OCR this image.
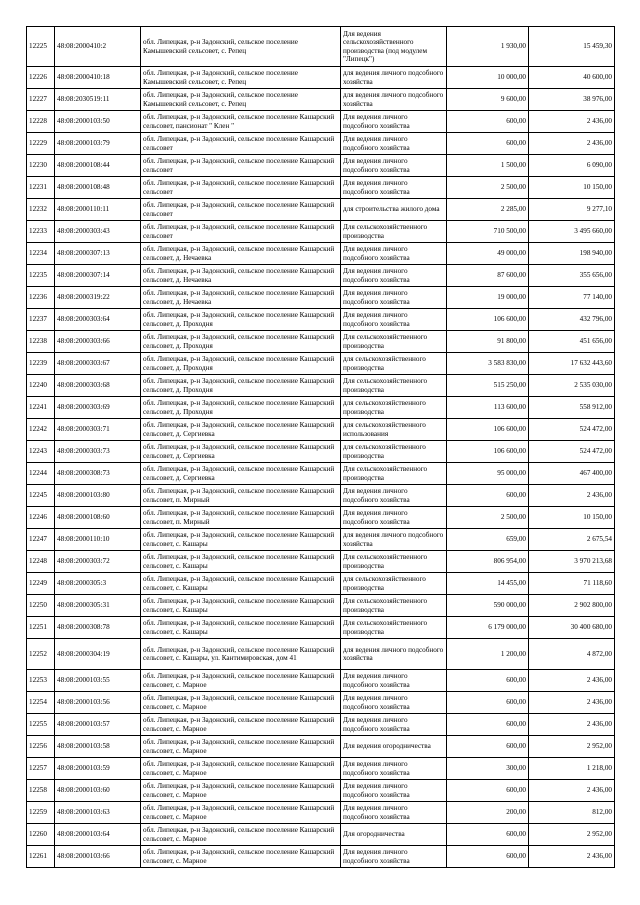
12225	48:08:2000410:2	обл. Липецкая, р-н Задонский, сельское поселение Камышевский сельсовет, с. Репец	Для ведения сельскохозяйственного производства (под модулем "Липецк")	1 930,00	15 459,30
12226	48:08:2000410:18	обл. Липецкая, р-н Задонский, сельское поселение Камышевский сельсовет, с. Репец	для ведения личного подсобного хозяйства	10 000,00	40 600,00
12227	48:08:2030519:11	обл. Липецкая, р-н Задонский, сельское поселение Камышевский сельсовет, с. Репец	для ведения личного подсобного хозяйства	9 600,00	38 976,00
12228	48:08:2000103:50	обл. Липецкая, р-н Задонский, сельское поселение Кашарский сельсовет, пансионат " Клен "	Для ведения личного подсобного хозяйства	600,00	2 436,00
12229	48:08:2000103:79	обл. Липецкая, р-н Задонский, сельское поселение Кашарский сельсовет	Для ведения личного подсобного хозяйства	600,00	2 436,00
12230	48:08:2000108:44	обл. Липецкая, р-н Задонский, сельское поселение Кашарский сельсовет	Для ведения личного подсобного хозяйства	1 500,00	6 090,00
12231	48:08:2000108:48	обл. Липецкая, р-н Задонский, сельское поселение Кашарский сельсовет	Для ведения личного подсобного хозяйства	2 500,00	10 150,00
12232	48:08:2000110:11	обл. Липецкая, р-н Задонский, сельское поселение Кашарский сельсовет	для строительства жилого дома	2 285,00	9 277,10
12233	48:08:2000303:43	обл. Липецкая, р-н Задонский, сельское поселение Кашарский сельсовет	Для сельскохозяйственного производства	710 500,00	3 495 660,00
12234	48:08:2000307:13	обл. Липецкая, р-н Задонский, сельское поселение Кашарский сельсовет, д. Нечаевка	Для ведения личного подсобного хозяйства	49 000,00	198 940,00
12235	48:08:2000307:14	обл. Липецкая, р-н Задонский, сельское поселение Кашарский сельсовет, д. Нечаевка	Для ведения личного подсобного хозяйства	87 600,00	355 656,00
12236	48:08:2000319:22	обл. Липецкая, р-н Задонский, сельское поселение Кашарский сельсовет, д. Нечаевка	Для ведения личного подсобного хозяйства	19 000,00	77 140,00
12237	48:08:2000303:64	обл. Липецкая, р-н Задонский, сельское поселение Кашарский сельсовет, д. Проходня	Для ведения личного подсобного хозяйства	106 600,00	432 796,00
12238	48:08:2000303:66	обл. Липецкая, р-н Задонский, сельское поселение Кашарский сельсовет, д. Проходня	Для сельскохозяйственного производства	91 800,00	451 656,00
12239	48:08:2000303:67	обл. Липецкая, р-н Задонский, сельское поселение Кашарский сельсовет, д. Проходня	для сельскохозяйственного производства	3 583 830,00	17 632 443,60
12240	48:08:2000303:68	обл. Липецкая, р-н Задонский, сельское поселение Кашарский сельсовет, д. Проходня	Для сельскохозяйственного производства	515 250,00	2 535 030,00
12241	48:08:2000303:69	обл. Липецкая, р-н Задонский, сельское поселение Кашарский сельсовет, д. Проходня	для сельскохозяйственного производства	113 600,00	558 912,00
12242	48:08:2000303:71	обл. Липецкая, р-н Задонский, сельское поселение Кашарский сельсовет, д. Сергиевка	для сельскохозяйственного использования	106 600,00	524 472,00
12243	48:08:2000303:73	обл. Липецкая, р-н Задонский, сельское поселение Кашарский сельсовет, д. Сергиевка	для сельскохозяйственного производства	106 600,00	524 472,00
12244	48:08:2000308:73	обл. Липецкая, р-н Задонский, сельское поселение Кашарский сельсовет, д. Сергиевка	Для сельскохозяйственного производства	95 000,00	467 400,00
12245	48:08:2000103:80	обл. Липецкая, р-н Задонский, сельское поселение Кашарский сельсовет, п. Мирный	Для ведения личного подсобного хозяйства	600,00	2 436,00
12246	48:08:2000108:60	обл. Липецкая, р-н Задонский, сельское поселение Кашарский сельсовет, п. Мирный	Для ведения личного подсобного хозяйства	2 500,00	10 150,00
12247	48:08:2000110:10	обл. Липецкая, р-н Задонский, сельское поселение Кашарский сельсовет, с. Кашары	для ведения личного подсобного хозяйства	659,00	2 675,54
12248	48:08:2000303:72	обл. Липецкая, р-н Задонский, сельское поселение Кашарский сельсовет, с. Кашары	Для сельскохозяйственного производства	806 954,00	3 970 213,68
12249	48:08:2000305:3	обл. Липецкая, р-н Задонский, сельское поселение Кашарский сельсовет, с. Кашары	для сельскохозяйственного производства	14 455,00	71 118,60
12250	48:08:2000305:31	обл. Липецкая, р-н Задонский, сельское поселение Кашарский сельсовет, с. Кашары	Для сельскохозяйственного производства	590 000,00	2 902 800,00
12251	48:08:2000308:78	обл. Липецкая, р-н Задонский, сельское поселение Кашарский сельсовет, с. Кашары	Для сельскохозяйственного производства	6 179 000,00	30 400 680,00
12252	48:08:2000304:19	обл. Липецкая, р-н Задонский, сельское поселение Кашарский сельсовет, с. Кашары, ул. Кантимировская, дом 41	для ведения личного подсобного хозяйства	1 200,00	4 872,00
12253	48:08:2000103:55	обл. Липецкая, р-н Задонский, сельское поселение Кашарский сельсовет, с. Марное	Для ведения личного подсобного хозяйства	600,00	2 436,00
12254	48:08:2000103:56	обл. Липецкая, р-н Задонский, сельское поселение Кашарский сельсовет, с. Марное	Для ведения личного подсобного хозяйства	600,00	2 436,00
12255	48:08:2000103:57	обл. Липецкая, р-н Задонский, сельское поселение Кашарский сельсовет, с. Марное	Для ведения личного подсобного хозяйства	600,00	2 436,00
12256	48:08:2000103:58	обл. Липецкая, р-н Задонский, сельское поселение Кашарский сельсовет, с. Марное	Для ведения огородничества	600,00	2 952,00
12257	48:08:2000103:59	обл. Липецкая, р-н Задонский, сельское поселение Кашарский сельсовет, с. Марное	Для ведения личного подсобного хозяйства	300,00	1 218,00
12258	48:08:2000103:60	обл. Липецкая, р-н Задонский, сельское поселение Кашарский сельсовет, с. Марное	Для ведения личного подсобного хозяйства	600,00	2 436,00
12259	48:08:2000103:63	обл. Липецкая, р-н Задонский, сельское поселение Кашарский сельсовет, с. Марное	Для ведения личного подсобного хозяйства	200,00	812,00
12260	48:08:2000103:64	обл. Липецкая, р-н Задонский, сельское поселение Кашарский сельсовет, с. Марное	Для огородничества	600,00	2 952,00
12261	48:08:2000103:66	обл. Липецкая, р-н Задонский, сельское поселение Кашарский сельсовет, с. Марное	Для ведения личного подсобного хозяйства	600,00	2 436,00
